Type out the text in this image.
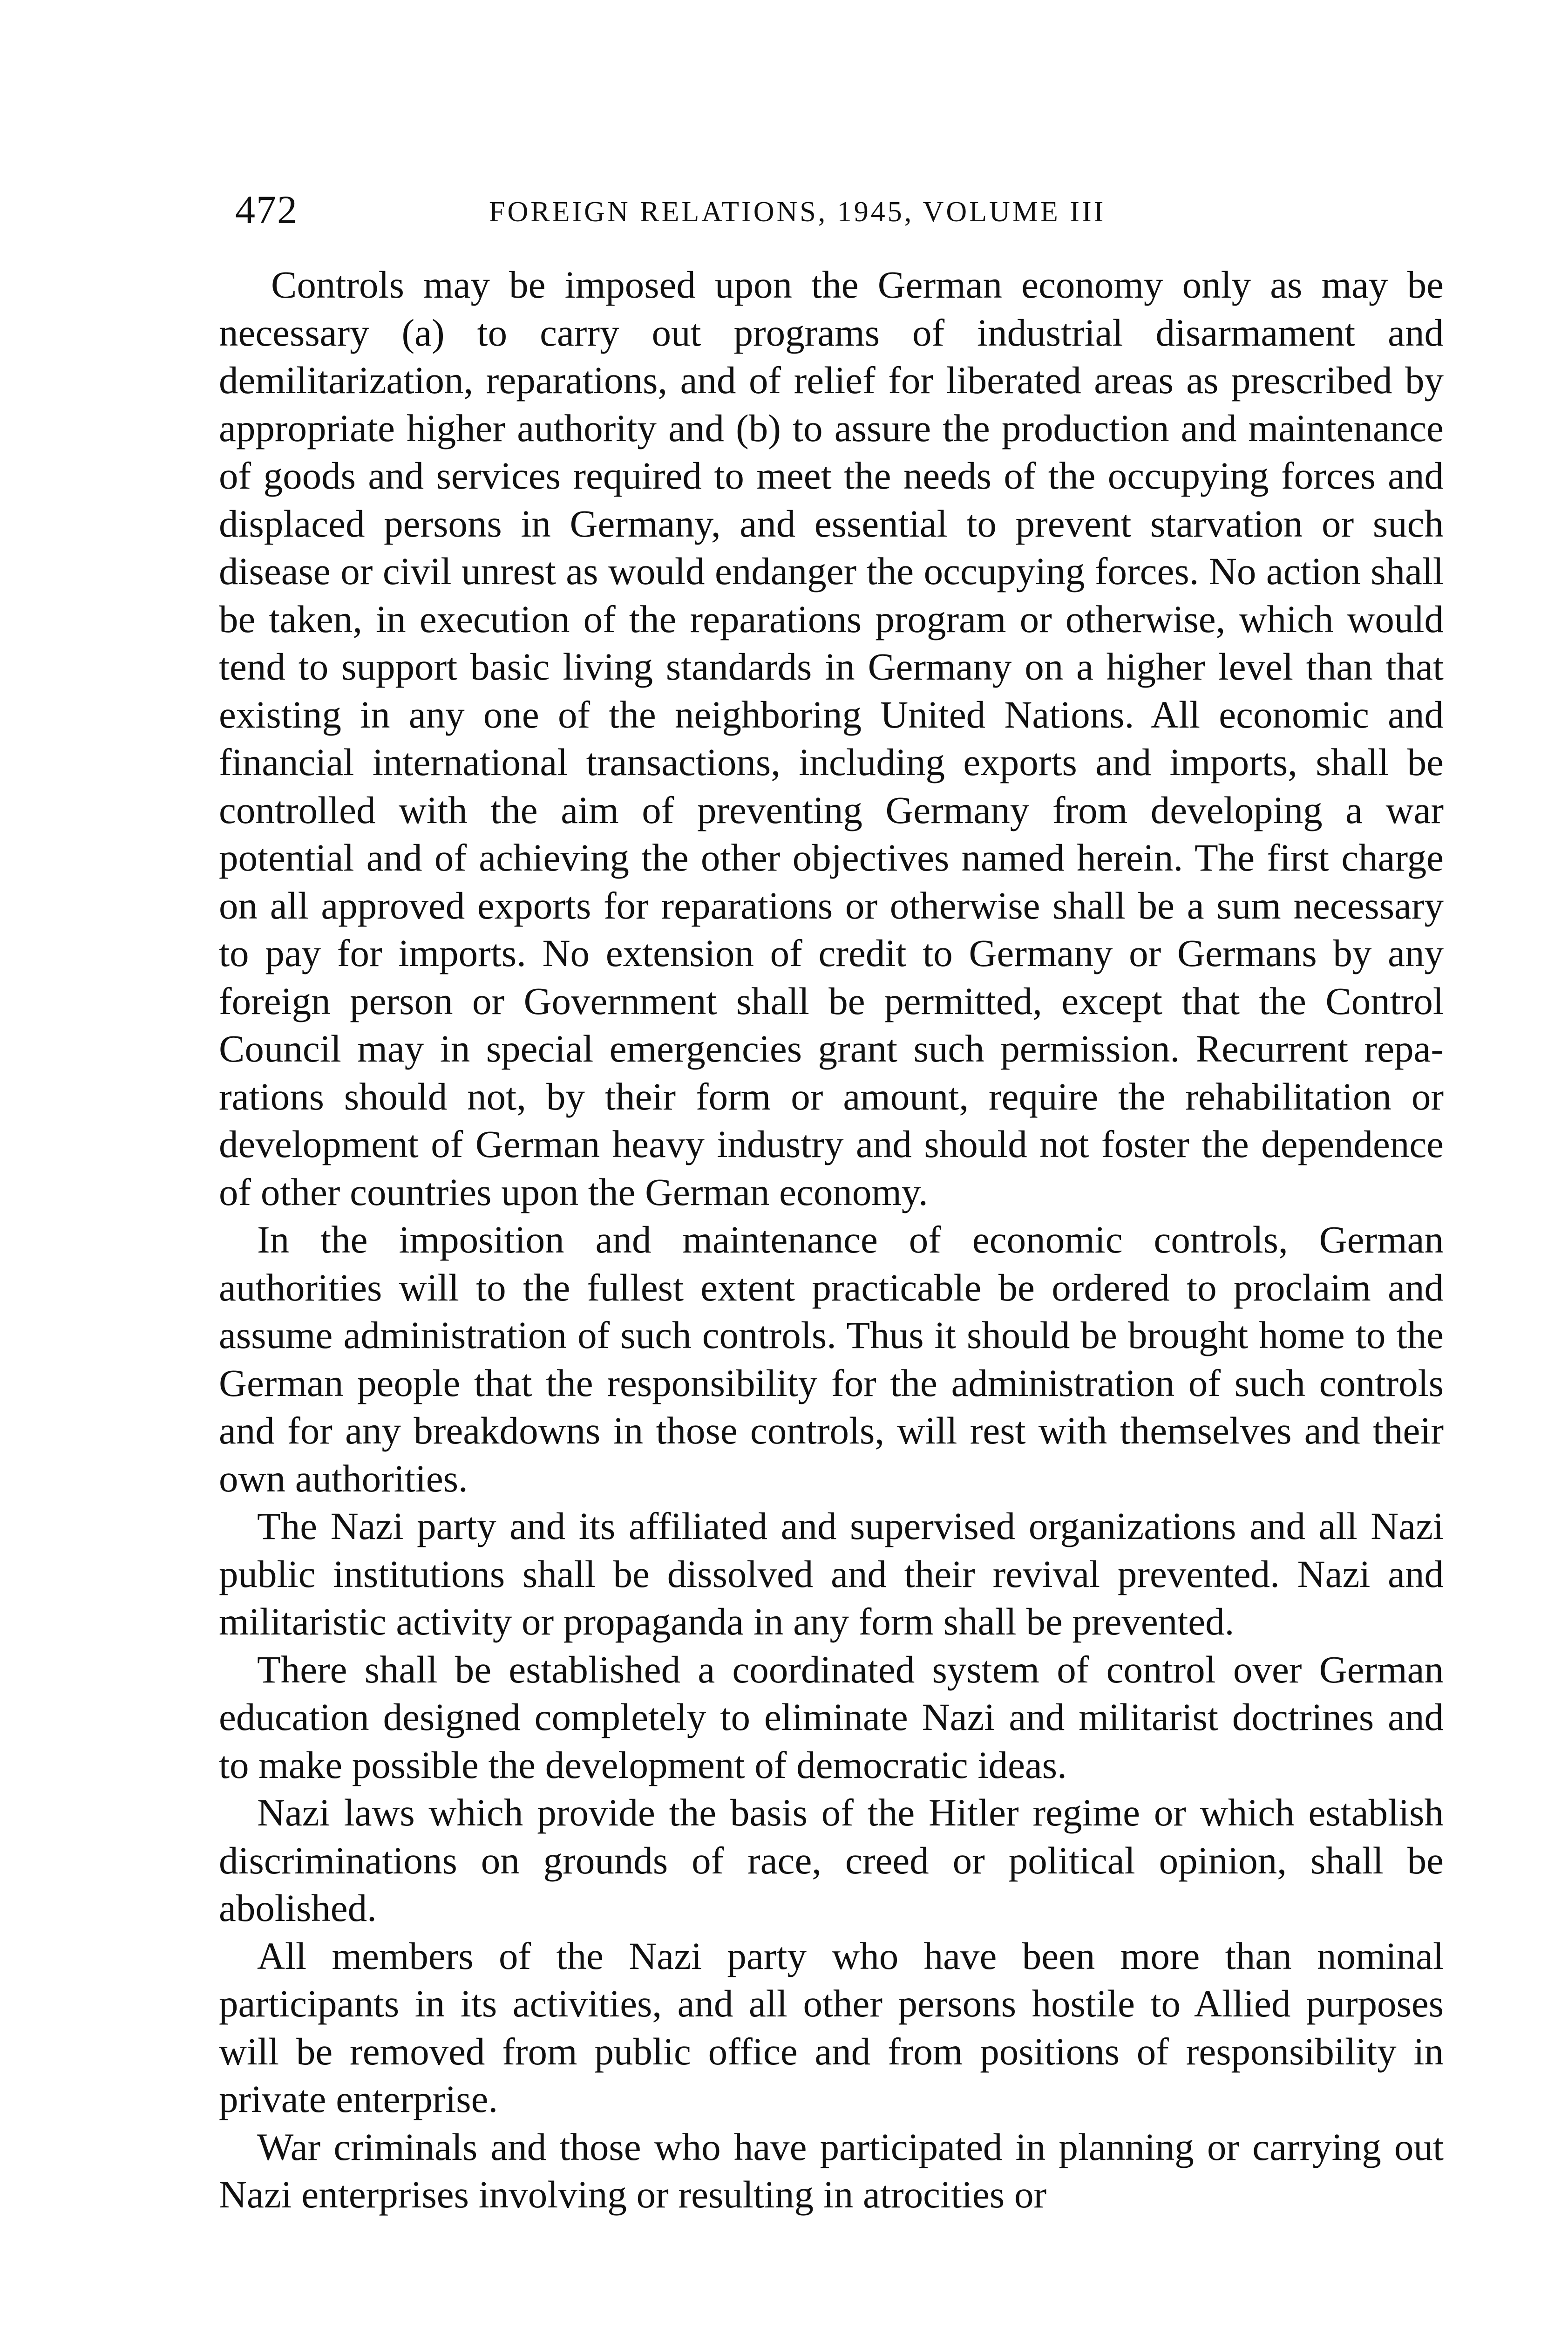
472	FOREIGN RELATIONS, 1945, VOLUME III

Controls may be imposed upon the German economy only as may be necessary (a) to carry out programs of industrial disarmament and demilitarization, reparations, and of relief for liberated areas as prescribed by appropriate higher authority and (b) to assure the production and maintenance of goods and services required to meet the needs of the occupying forces and displaced persons in Germany, and essential to prevent starvation or such disease or civil unrest as would endanger the occupying forces. No action shall be taken, in execution of the reparations program or otherwise, which would tend to support basic living standards in Germany on a higher level than that existing in any one of the neighboring United Nations. All economic and financial international transactions, including exports and imports, shall be controlled with the aim of preventing Germany from developing a war potential and of achieving the other objectives named herein. The first charge on all approved exports for reparations or otherwise shall be a sum necessary to pay for imports. No extension of credit to Germany or Germans by any foreign person or Government shall be permitted, except that the Control Council may in special emergencies grant such permission. Recurrent reparations should not, by their form or amount, require the rehabilitation or development of German heavy industry and should not foster the dependence of other countries upon the German economy.

In the imposition and maintenance of economic controls, German authorities will to the fullest extent practicable be ordered to proclaim and assume administration of such controls. Thus it should be brought home to the German people that the responsibility for the administration of such controls and for any breakdowns in those controls, will rest with themselves and their own authorities.

The Nazi party and its affiliated and supervised organizations and all Nazi public institutions shall be dissolved and their revival prevented. Nazi and militaristic activity or propaganda in any form shall be prevented.

There shall be established a coordinated system of control over German education designed completely to eliminate Nazi and militarist doctrines and to make possible the development of democratic ideas.

Nazi laws which provide the basis of the Hitler regime or which establish discriminations on grounds of race, creed or political opinion, shall be abolished.

All members of the Nazi party who have been more than nominal participants in its activities, and all other persons hostile to Allied purposes will be removed from public office and from positions of responsibility in private enterprise.

War criminals and those who have participated in planning or carrying out Nazi enterprises involving or resulting in atrocities or
